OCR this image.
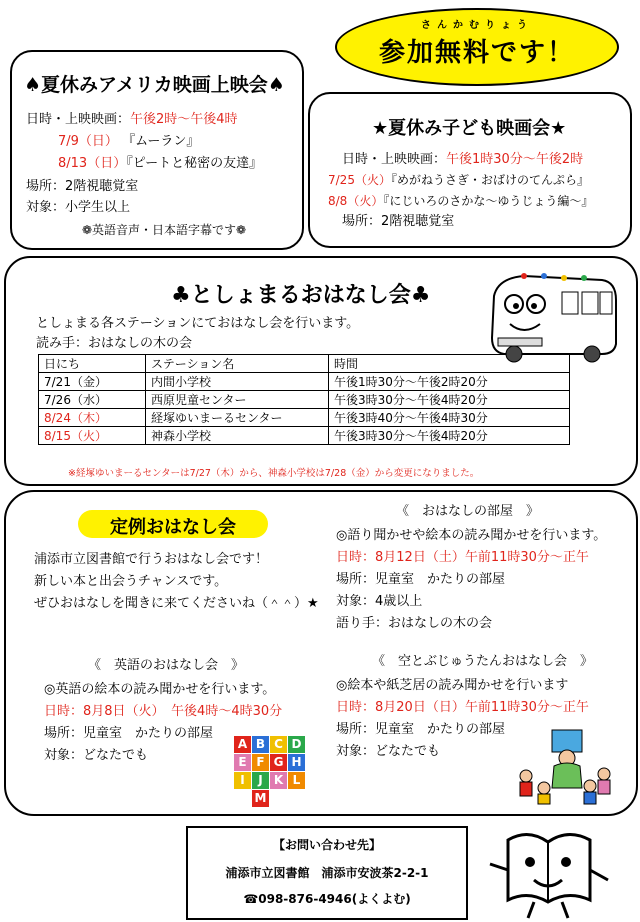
さんかむりょう
参加無料です！
♠夏休みアメリカ映画上映会♠
日時・上映映画：午後2時〜午後4時
7/9（日） 『ムーラン』
8/13（日）『ピートと秘密の友達』
場所：2階視聴覚室
対象：小学生以上
❁英語音声・日本語字幕です❁
★夏休み子ども映画会★
日時・上映映画：午後1時30分〜午後2時
7/25（火）『めがねうさぎ・おばけのてんぷら』
8/8（火）『にじいろのさかな〜ゆうじょう編〜』
場所：2階視聴覚室
♣としょまるおはなし会♣
としょまる各ステーションにておはなし会を行います。
読み手：おはなしの木の会
日にち	ステーション名	時間
7/21（金）	内間小学校	午後1時30分〜午後2時20分
7/26（水）	西原児童センター	午後3時30分〜午後4時20分
8/24（木）	経塚ゆいまーるセンター	午後3時40分〜午後4時30分
8/15（火）	神森小学校	午後3時30分〜午後4時20分
※経塚ゆいまーるセンターは7/27（木）から、神森小学校は7/28（金）から変更になりました。
定例おはなし会
浦添市立図書館で行うおはなし会です！
新しい本と出会うチャンスです。
ぜひおはなしを聞きに来てくださいね（＾＾）★
《　おはなしの部屋　》
◎語り聞かせや絵本の読み聞かせを行います。
日時：8月12日（土）午前11時30分〜正午
場所：児童室　かたりの部屋
対象：4歳以上
語り手：おはなしの木の会
《　英語のおはなし会　》
◎英語の絵本の読み聞かせを行います。
日時：8月8日（火）　午後4時〜4時30分
場所：児童室　かたりの部屋
対象：どなたでも
A B C D
E F G H
I	J K L
M
《　空とぶじゅうたんおはなし会　》
◎絵本や紙芝居の読み聞かせを行います
日時：8月20日（日）午前11時30分〜正午
場所：児童室　かたりの部屋
対象：どなたでも
【お問い合わせ先】
浦添市立図書館　浦添市安波茶2-2-1
☎098-876-4946(よくよむ)
